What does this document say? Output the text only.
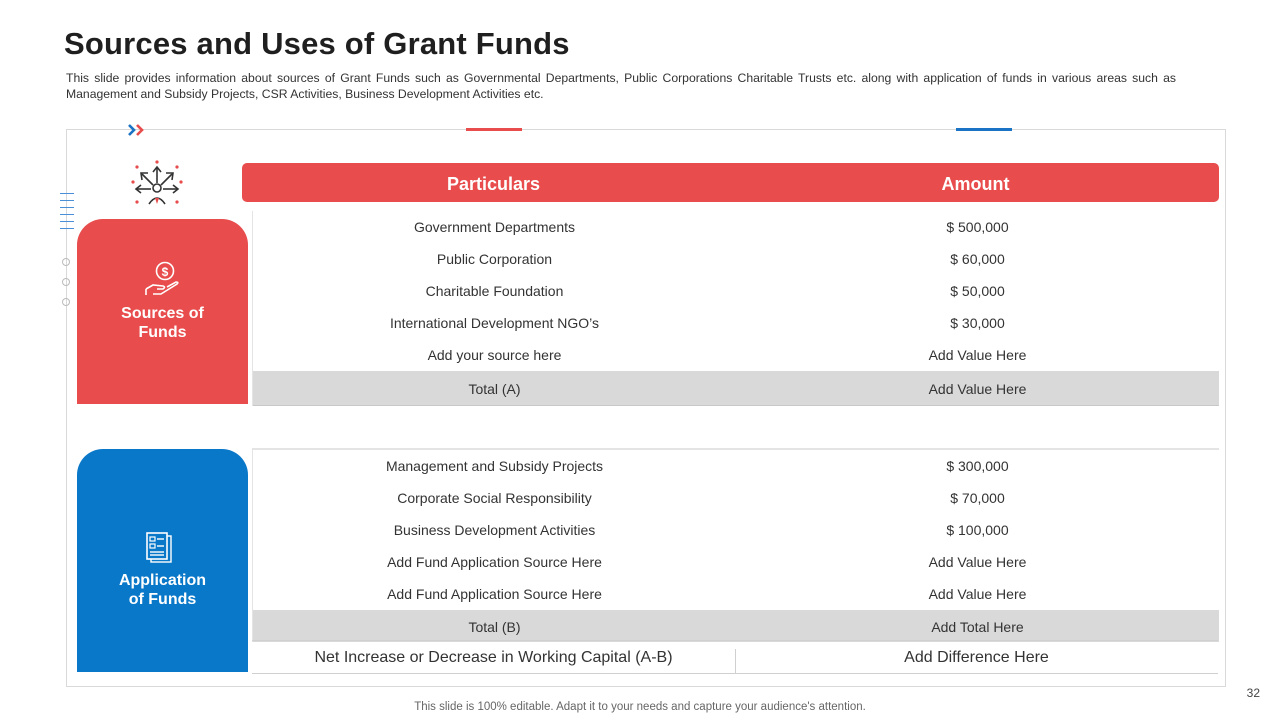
Sources and Uses of Grant Funds
This slide provides information about sources of Grant Funds such as Governmental Departments, Public Corporations Charitable Trusts etc. along with application of funds in various areas such as Management and Subsidy Projects, CSR Activities, Business Development Activities etc.
Particulars	Amount
$
Sources of
Funds
Application
of Funds
Government Departments	$ 500,000
Public Corporation	$ 60,000
Charitable Foundation	$ 50,000
International Development NGO’s	$ 30,000
Add your source here	Add Value Here
Total (A)	Add Value Here
Management and Subsidy Projects	$ 300,000
Corporate Social Responsibility	$ 70,000
Business Development Activities	$ 100,000
Add Fund Application Source Here	Add Value Here
Add Fund Application Source Here	Add Value Here
Total (B)	Add Total Here
Net Increase or Decrease in Working Capital (A-B)	Add Difference Here
32
This slide is 100% editable. Adapt it to your needs and capture your audience's attention.
